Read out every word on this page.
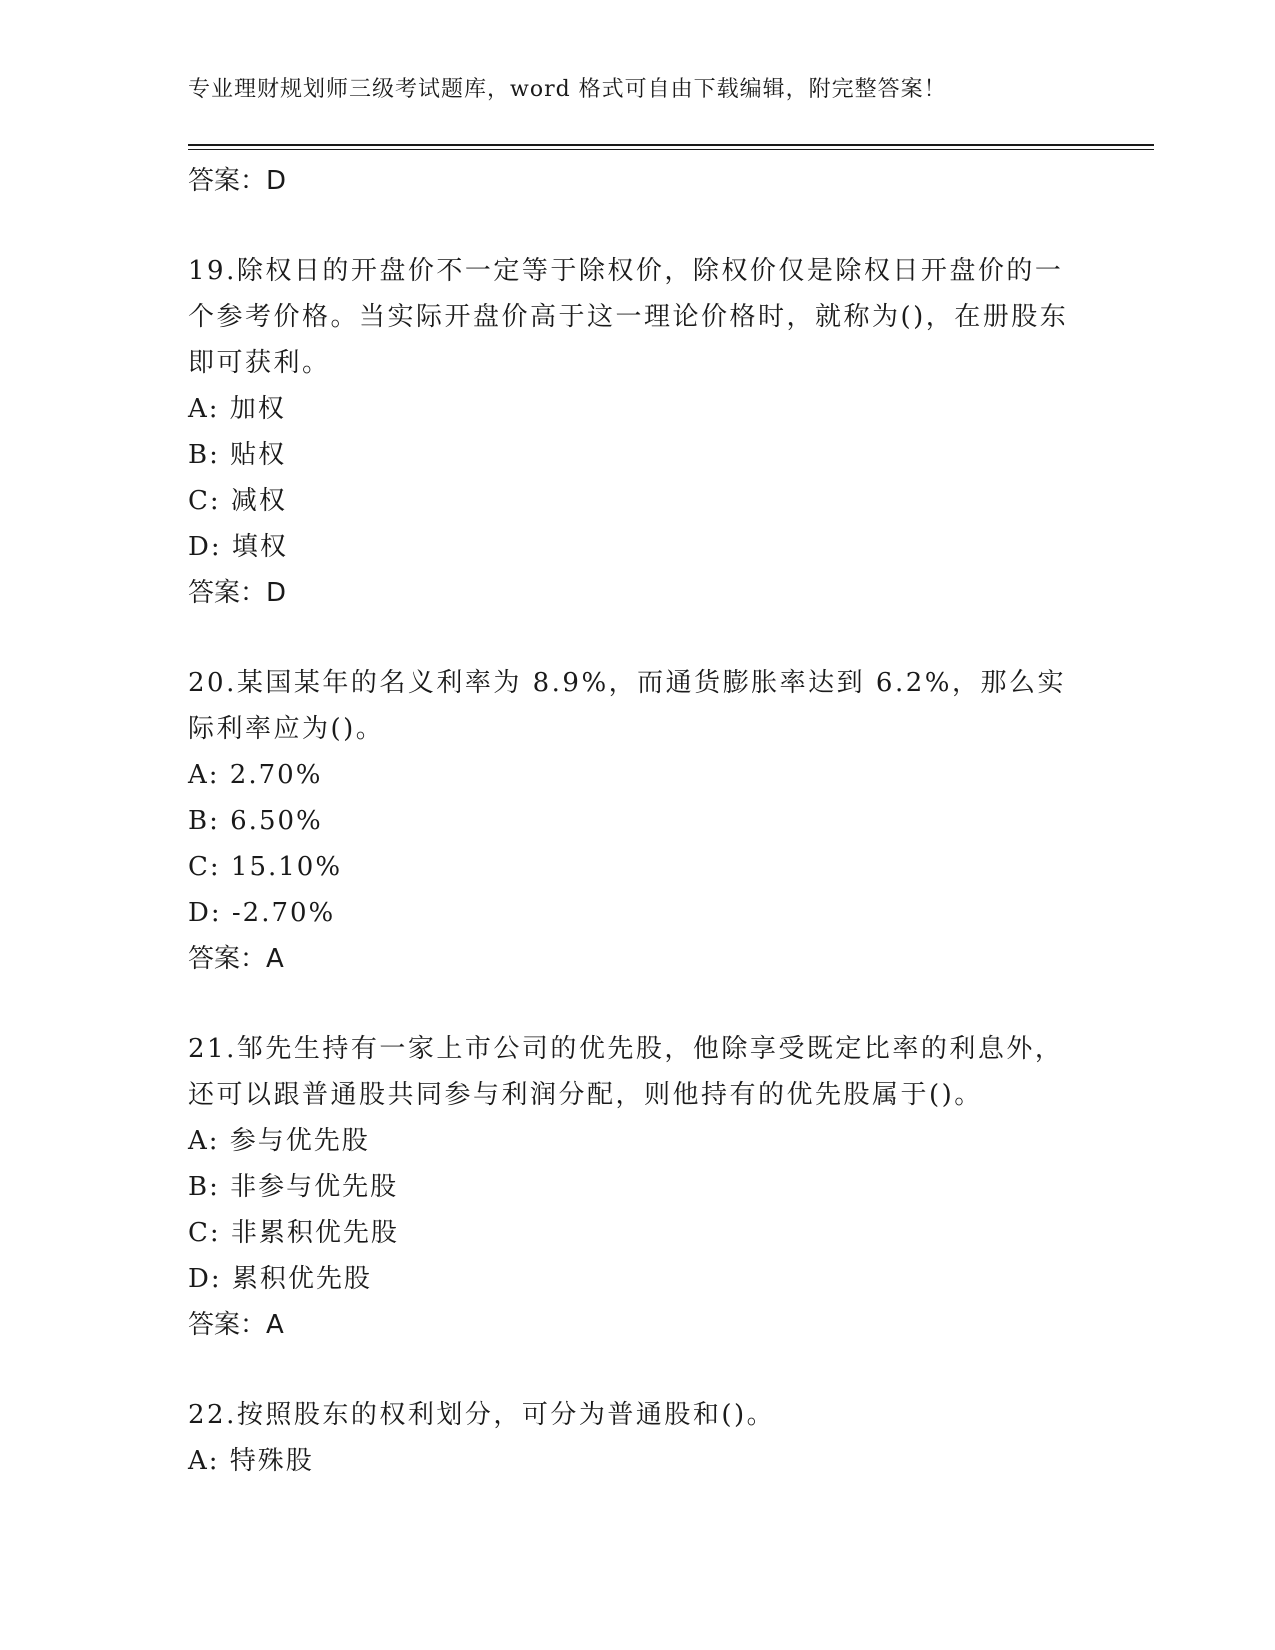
专业理财规划师三级考试题库，word 格式可自由下载编辑，附完整答案！

答案：D

19.除权日的开盘价不一定等于除权价，除权价仅是除权日开盘价的一个参考价格。当实际开盘价高于这一理论价格时，就称为()，在册股东即可获利。

A: 加权

B: 贴权

C: 减权

D: 填权

答案：D

20.某国某年的名义利率为 8.9%，而通货膨胀率达到 6.2%，那么实际利率应为()。

A: 2.70%

B: 6.50%

C: 15.10%

D: -2.70%

答案：A

21.邹先生持有一家上市公司的优先股，他除享受既定比率的利息外，还可以跟普通股共同参与利润分配，则他持有的优先股属于()。

A: 参与优先股

B: 非参与优先股

C: 非累积优先股

D: 累积优先股

答案：A

22.按照股东的权利划分，可分为普通股和()。

A: 特殊股
